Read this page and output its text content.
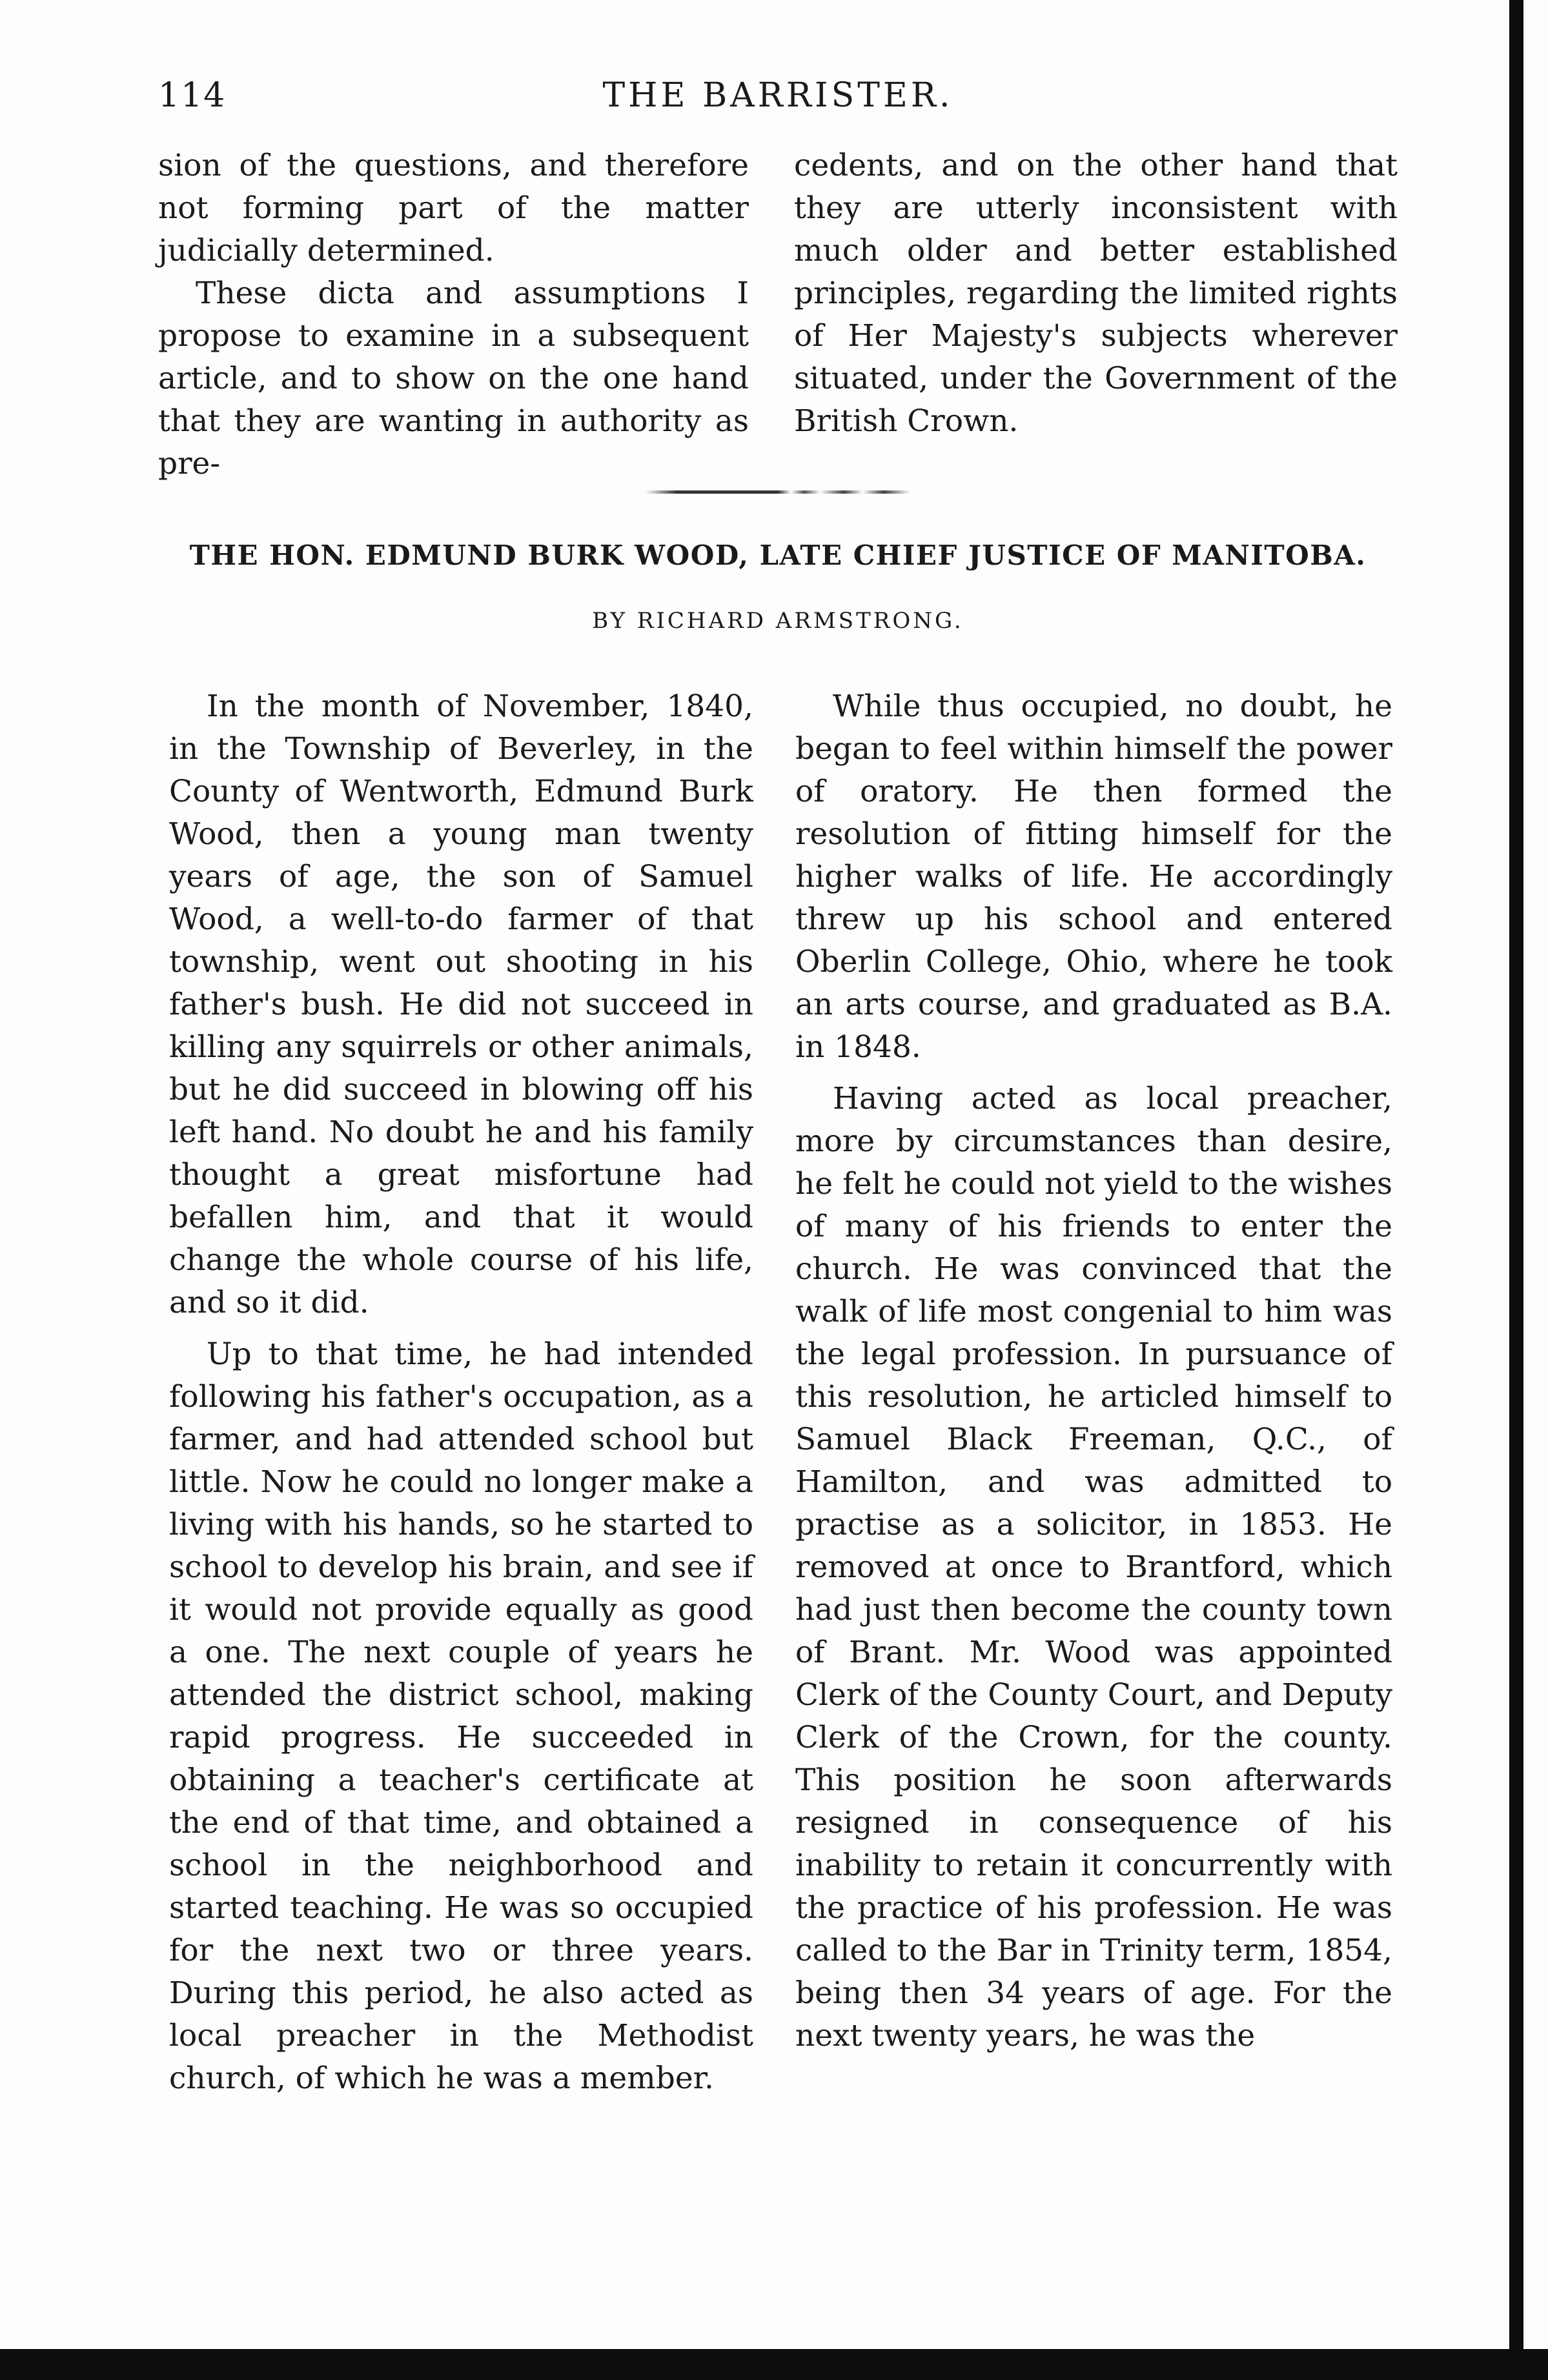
114	THE BARRISTER.

sion of the questions, and therefore not forming part of the matter judicially determined.

These dicta and assumptions I propose to examine in a subsequent article, and to show on the one hand that they are wanting in authority as pre-

cedents, and on the other hand that they are utterly inconsistent with much older and better established principles, regarding the limited rights of Her Majesty's subjects wherever situated, under the Government of the British Crown.

THE HON. EDMUND BURK WOOD, LATE CHIEF JUSTICE OF MANITOBA.
BY RICHARD ARMSTRONG.

In the month of November, 1840, in the Township of Beverley, in the County of Wentworth, Edmund Burk Wood, then a young man twenty years of age, the son of Samuel Wood, a well-to-do farmer of that township, went out shooting in his father's bush. He did not succeed in killing any squirrels or other animals, but he did succeed in blowing off his left hand. No doubt he and his family thought a great misfortune had befallen him, and that it would change the whole course of his life, and so it did.

Up to that time, he had intended following his father's occupation, as a farmer, and had attended school but little. Now he could no longer make a living with his hands, so he started to school to develop his brain, and see if it would not provide equally as good a one. The next couple of years he attended the district school, making rapid progress. He succeeded in obtaining a teacher's certificate at the end of that time, and obtained a school in the neighborhood and started teaching. He was so occupied for the next two or three years. During this period, he also acted as local preacher in the Methodist church, of which he was a member.

While thus occupied, no doubt, he began to feel within himself the power of oratory. He then formed the resolution of fitting himself for the higher walks of life. He accordingly threw up his school and entered Oberlin College, Ohio, where he took an arts course, and graduated as B.A. in 1848.

Having acted as local preacher, more by circumstances than desire, he felt he could not yield to the wishes of many of his friends to enter the church. He was convinced that the walk of life most congenial to him was the legal profession. In pursuance of this resolution, he articled himself to Samuel Black Freeman, Q.C., of Hamilton, and was admitted to practise as a solicitor, in 1853. He removed at once to Brantford, which had just then become the county town of Brant. Mr. Wood was appointed Clerk of the County Court, and Deputy Clerk of the Crown, for the county. This position he soon afterwards resigned in consequence of his inability to retain it concurrently with the practice of his profession. He was called to the Bar in Trinity term, 1854, being then 34 years of age. For the next twenty years, he was the
